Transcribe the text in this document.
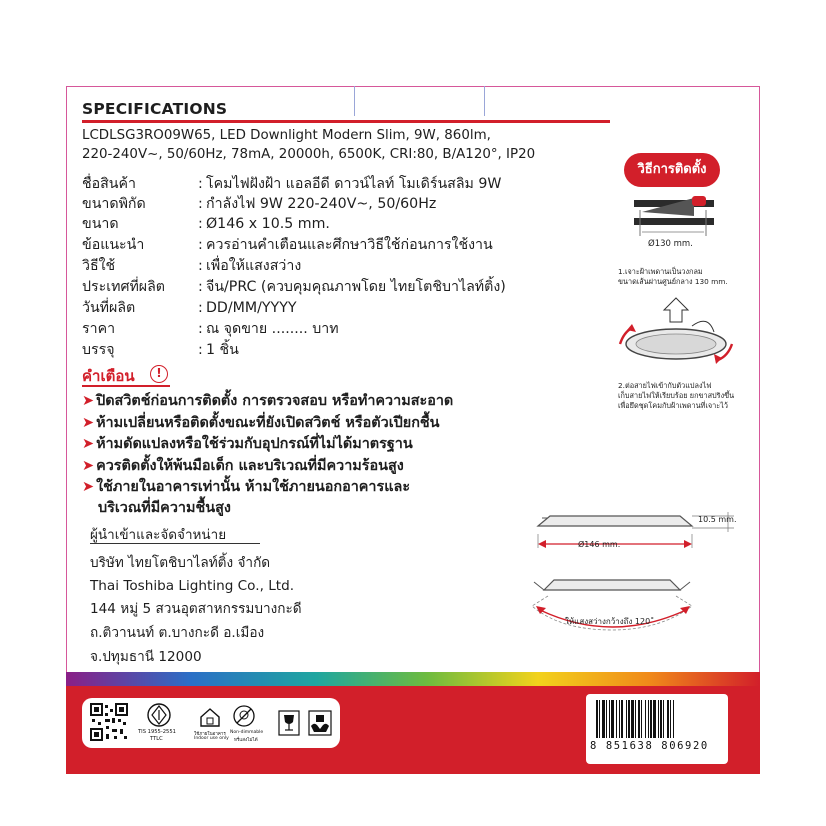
SPECIFICATIONS
LCDLSG3RO09W65, LED Downlight Modern Slim, 9W, 860lm,
220-240V~, 50/60Hz, 78mA, 20000h, 6500K, CRI:80, B/A120°, IP20
ชื่อสินค้า	: โคมไฟฝังฝ้า แอลอีดี ดาวน์ไลท์ โมเดิร์นสลิม 9W
ขนาดพิกัด	: กำลังไฟ 9W 220-240V~, 50/60Hz
ขนาด	: Ø146 x 10.5 mm.
ข้อแนะนำ	: ควรอ่านคำเตือนและศึกษาวิธีใช้ก่อนการใช้งาน
วิธีใช้	: เพื่อให้แสงสว่าง
ประเทศที่ผลิต : จีน/PRC (ควบคุมคุณภาพโดย ไทยโตชิบาไลท์ติ้ง)
วันที่ผลิต	: DD/MM/YYYY
ราคา	: ณ จุดขาย ........ บาท
บรรจุ	: 1 ชิ้น
คำเตือน	!
➤ ปิดสวิตช์ก่อนการติดตั้ง การตรวจสอบ หรือทำความสะอาด
➤ ห้ามเปลี่ยนหรือติดตั้งขณะที่ยังเปิดสวิตช์ หรือตัวเปียกชื้น
➤ ห้ามดัดแปลงหรือใช้ร่วมกับอุปกรณ์ที่ไม่ได้มาตรฐาน
➤ ควรติดตั้งให้พ้นมือเด็ก และบริเวณที่มีความร้อนสูง
➤ ใช้ภายในอาคารเท่านั้น ห้ามใช้ภายนอกอาคารและ
บริเวณที่มีความชื้นสูง
ผู้นำเข้าและจัดจำหน่าย
บริษัท ไทยโตชิบาไลท์ติ้ง จำกัด
Thai Toshiba Lighting Co., Ltd.
144 หมู่ 5 สวนอุตสาหกรรมบางกะดี
ถ.ติวานนท์ ต.บางกะดี อ.เมือง
จ.ปทุมธานี 12000
วิธีการติดตั้ง
Ø130 mm.
1.เจาะฝ้าเพดานเป็นวงกลม
ขนาดเส้นผ่านศูนย์กลาง 130 mm.
2.ต่อสายไฟเข้ากับตัวแปลงไฟ
เก็บสายไฟให้เรียบร้อย ยกขาสปริงขึ้น
เพื่อยึดชุดโคมกับฝ้าเพดานที่เจาะไว้
10.5 mm.
Ø146 mm.
ให้แสงสว่างกว้างถึง 120˚
TIS 1955-2551
TTLC
ใช้ภายในอาคาร
Indoor use only
Non-dimmable
หรี่แสงไม่ได้	8 851638 806920
